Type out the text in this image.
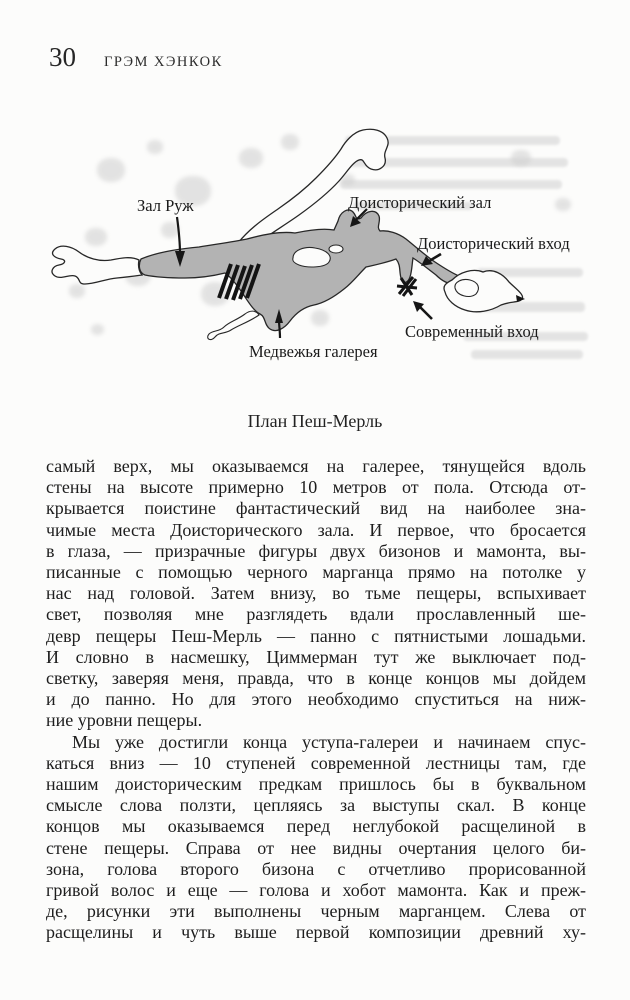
30 ГРЭМ ХЭНКОК
Зал Руж	Доисторический зал
Доисторический вход
Современный вход
Медвежья галерея
План Пеш-Мерль
самый верх, мы оказываемся на галерее, тянущейся вдоль
стены на высоте примерно 10 метров от пола. Отсюда от-
крывается поистине фантастический вид на наиболее зна-
чимые места Доисторического зала. И первое, что бросается
в глаза, — призрачные фигуры двух бизонов и мамонта, вы-
писанные с помощью черного марганца прямо на потолке у
нас над головой. Затем внизу, во тьме пещеры, вспыхивает
свет, позволяя мне разглядеть вдали прославленный ше-
девр пещеры Пеш-Мерль — панно с пятнистыми лошадьми.
И словно в насмешку, Циммерман тут же выключает под-
светку, заверяя меня, правда, что в конце концов мы дойдем
и до панно. Но для этого необходимо спуститься на ниж-
ние уровни пещеры.
Мы уже достигли конца уступа-галереи и начинаем спус-
каться вниз — 10 ступеней современной лестницы там, где
нашим доисторическим предкам пришлось бы в буквальном
смысле слова ползти, цепляясь за выступы скал. В конце
концов мы оказываемся перед неглубокой расщелиной в
стене пещеры. Справа от нее видны очертания целого би-
зона, голова второго бизона с отчетливо прорисованной
гривой волос и еще — голова и хобот мамонта. Как и преж-
де, рисунки эти выполнены черным марганцем. Слева от
расщелины и чуть выше первой композиции древний ху-
